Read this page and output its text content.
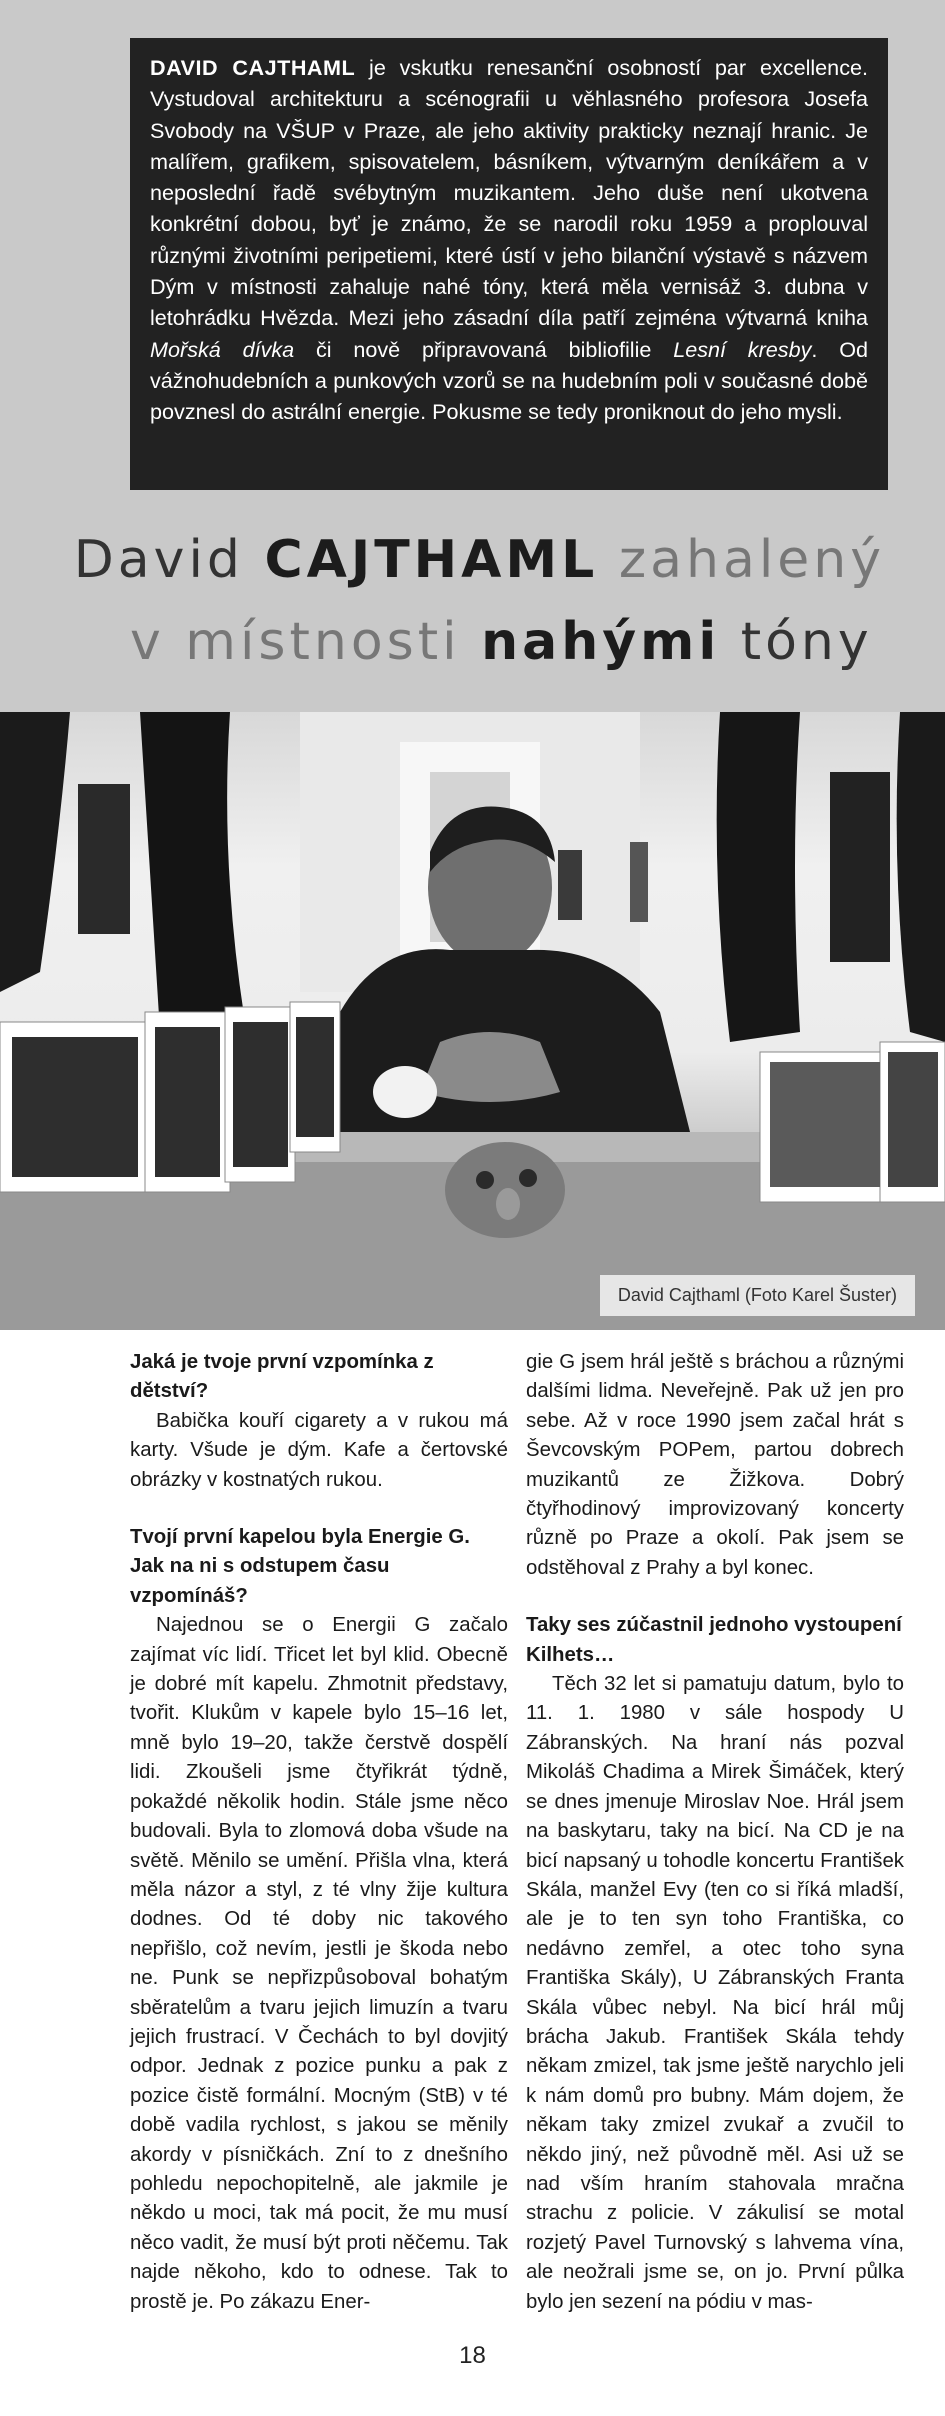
DAVID CAJTHAML je vskutku renesanční osobností par excellence. Vystudoval architekturu a scénografii u věhlasného profesora Josefa Svobody na VŠUP v Praze, ale jeho aktivity prakticky neznají hranic. Je malířem, grafikem, spisovatelem, básníkem, výtvarným deníkářem a v neposlední řadě svébytným muzikantem. Jeho duše není ukotvena konkrétní dobou, byť je známo, že se narodil roku 1959 a proplouval různými životními peripetiemi, které ústí v jeho bilanční výstavě s názvem Dým v místnosti zahaluje nahé tóny, která měla vernisáž 3. dubna v letohrádku Hvězda. Mezi jeho zásadní díla patří zejména výtvarná kniha Mořská dívka či nově připravovaná bibliofilie Lesní kresby. Od vážnohudebních a punkových vzorů se na hudebním poli v současné době povznesl do astrální energie. Pokusme se tedy proniknout do jeho mysli.
David CAJTHAML zahalený
v místnosti nahými tóny
David Cajthaml (Foto Karel Šuster)
Jaká je tvoje první vzpomínka z dětství?

Babička kouří cigarety a v rukou má karty. Všude je dým. Kafe a čertovské obrázky v kostnatých rukou.

Tvojí první kapelou byla Energie G. Jak na ni s odstupem času vzpomínáš?

Najednou se o Energii G začalo zajímat víc lidí. Třicet let byl klid. Obecně je dobré mít kapelu. Zhmotnit představy, tvořit. Klukům v kapele bylo 15–16 let, mně bylo 19–20, takže čerstvě dospělí lidi. Zkoušeli jsme čtyřikrát týdně, pokaždé několik hodin. Stále jsme něco budovali. Byla to zlomová doba všude na světě. Měnilo se umění. Přišla vlna, která měla názor a styl, z té vlny žije kultura dodnes. Od té doby nic takového nepřišlo, což nevím, jestli je škoda nebo ne. Punk se nepřizpůsoboval bohatým sběratelům a tvaru jejich limuzín a tvaru jejich frustrací. V Čechách to byl dovjitý odpor. Jednak z pozice punku a pak z pozice čistě formální. Mocným (StB) v té době vadila rychlost, s jakou se měnily akordy v písničkách. Zní to z dnešního pohledu nepochopitelně, ale jakmile je někdo u moci, tak má pocit, že mu musí něco vadit, že musí být proti něčemu. Tak najde někoho, kdo to odnese. Tak to prostě je. Po zákazu Ener-

gie G jsem hrál ještě s bráchou a různými dalšími lidma. Neveřejně. Pak už jen pro sebe. Až v roce 1990 jsem začal hrát s Ševcovským POPem, partou dobrech muzikantů ze Žižkova. Dobrý čtyřhodinový improvizovaný koncerty různě po Praze a okolí. Pak jsem se odstěhoval z Prahy a byl konec.

Taky ses zúčastnil jednoho vystoupení Kilhets…

Těch 32 let si pamatuju datum, bylo to 11. 1. 1980 v sále hospody U Zábranských. Na hraní nás pozval Mikoláš Chadima a Mirek Šimáček, který se dnes jmenuje Miroslav Noe. Hrál jsem na baskytaru, taky na bicí. Na CD je na bicí napsaný u tohodle koncertu František Skála, manžel Evy (ten co si říká mladší, ale je to ten syn toho Františka, co nedávno zemřel, a otec toho syna Františka Skály), U Zábranských Franta Skála vůbec nebyl. Na bicí hrál můj brácha Jakub. František Skála tehdy někam zmizel, tak jsme ještě narychlo jeli k nám domů pro bubny. Mám dojem, že někam taky zmizel zvukař a zvučil to někdo jiný, než původně měl. Asi už se nad vším hraním stahovala mračna strachu z policie. V zákulisí se motal rozjetý Pavel Turnovský s lahvema vína, ale neožrali jsme se, on jo. První půlka bylo jen sezení na pódiu v mas-

18
